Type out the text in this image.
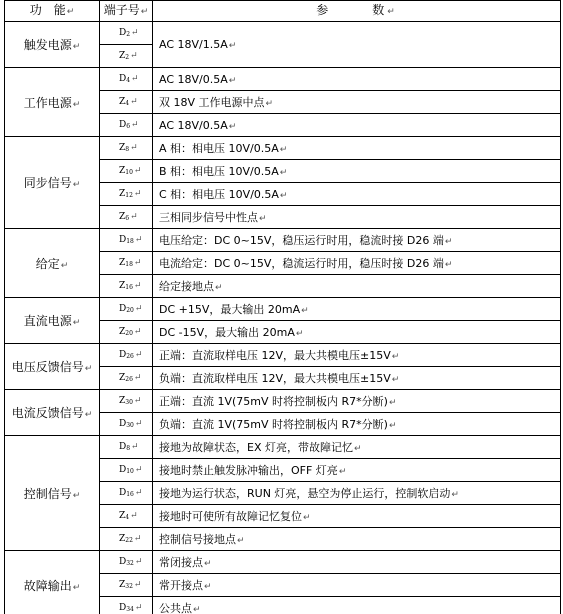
功　能↵	端子号↵	参　　　数↵
触发电源↵	D2↵	AC 18V/1.5A↵
	Z2↵	
工作电源↵	D4↵	AC 18V/0.5A↵
	Z4↵	双 18V 工作电源中点↵
	D6↵	AC 18V/0.5A↵
同步信号↵	Z8↵	A 相：相电压 10V/0.5A↵
	Z10↵	B 相：相电压 10V/0.5A↵
	Z12↵	C 相：相电压 10V/0.5A↵
	Z6↵	三相同步信号中性点↵
给定↵	D18↵	电压给定：DC 0~15V，稳压运行时用，稳流时接 D26 端↵
	Z18↵	电流给定：DC 0~15V，稳流运行时用，稳压时接 D26 端↵
	Z16↵	给定接地点↵
直流电源↵	D20↵	DC +15V，最大输出 20mA↵
	Z20↵	DC -15V，最大输出 20mA↵
电压反馈信号↵	D26↵	正端：直流取样电压 12V，最大共模电压±15V↵
	Z26↵	负端：直流取样电压 12V，最大共模电压±15V↵
电流反馈信号↵	Z30↵	正端：直流 1V(75mV 时将控制板内 R7*分断)↵
	D30↵	负端：直流 1V(75mV 时将控制板内 R7*分断)↵
控制信号↵	D8↵	接地为故障状态，EX 灯亮，带故障记忆↵
	D10↵	接地时禁止触发脉冲输出，OFF 灯亮↵
	D16↵	接地为运行状态，RUN 灯亮，悬空为停止运行，控制软启动↵
	Z4↵	接地时可使所有故障记忆复位↵
	Z22↵	控制信号接地点↵
故障输出↵	D32↵	常闭接点↵
	Z32↵	常开接点↵
	D34↵	公共点↵
